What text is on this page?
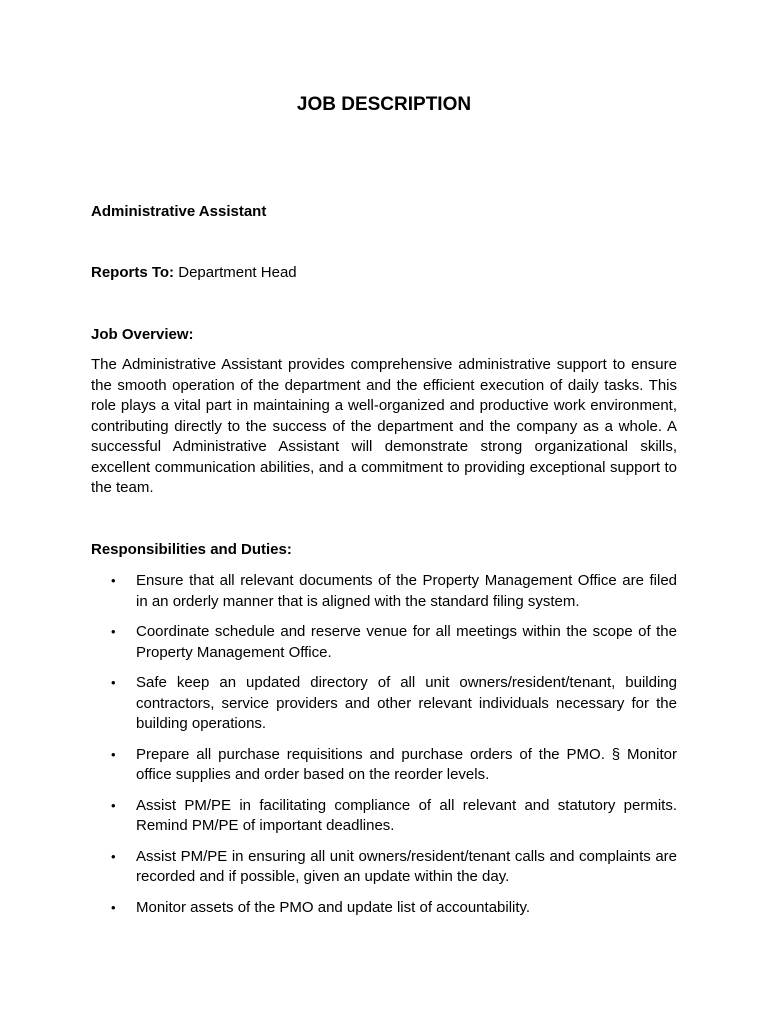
JOB DESCRIPTION

Administrative Assistant

Reports To: Department Head

Job Overview:

The Administrative Assistant provides comprehensive administrative support to ensure the smooth operation of the department and the efficient execution of daily tasks. This role plays a vital part in maintaining a well-organized and productive work environment, contributing directly to the success of the department and the company as a whole. A successful Administrative Assistant will demonstrate strong organizational skills, excellent communication abilities, and a commitment to providing exceptional support to the team.

Responsibilities and Duties:

• Ensure that all relevant documents of the Property Management Office are filed in an orderly manner that is aligned with the standard filing system.
• Coordinate schedule and reserve venue for all meetings within the scope of the Property Management Office.
• Safe keep an updated directory of all unit owners/resident/tenant, building contractors, service providers and other relevant individuals necessary for the building operations.
• Prepare all purchase requisitions and purchase orders of the PMO. § Monitor office supplies and order based on the reorder levels.
• Assist PM/PE in facilitating compliance of all relevant and statutory permits. Remind PM/PE of important deadlines.
• Assist PM/PE in ensuring all unit owners/resident/tenant calls and complaints are recorded and if possible, given an update within the day.
• Monitor assets of the PMO and update list of accountability.
